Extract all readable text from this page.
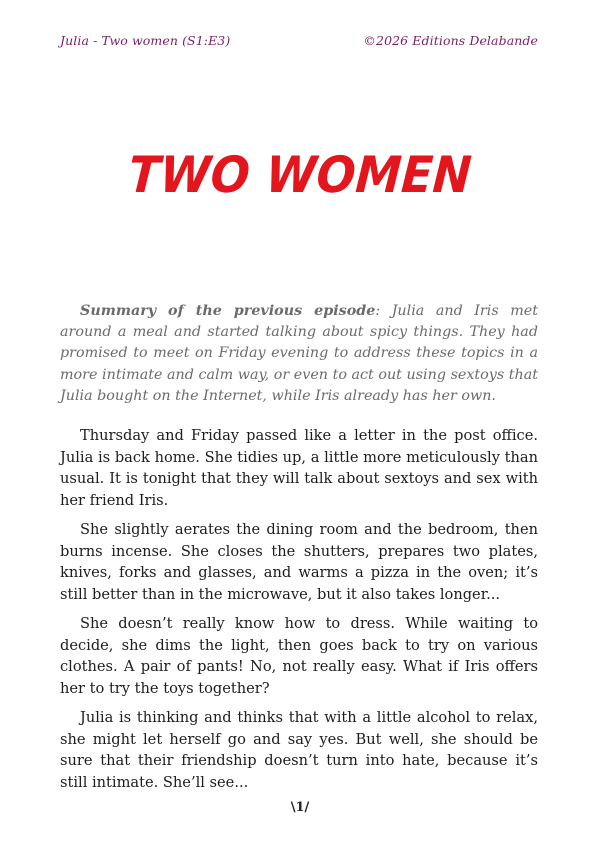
Julia - Two women (S1:E3)	©2026 Editions Delabande
TWO WOMEN

Summary of the previous episode: Julia and Iris met around a meal and started talking about spicy things. They had promised to meet on Friday evening to address these topics in a more intimate and calm way, or even to act out using sextoys that Julia bought on the Internet, while Iris already has her own.

Thursday and Friday passed like a letter in the post office. Julia is back home. She tidies up, a little more meticulously than usual. It is tonight that they will talk about sextoys and sex with her friend Iris.

She slightly aerates the dining room and the bedroom, then burns incense. She closes the shutters, prepares two plates, knives, forks and glasses, and warms a pizza in the oven; it’s still better than in the microwave, but it also takes longer...

She doesn’t really know how to dress. While waiting to decide, she dims the light, then goes back to try on various clothes. A pair of pants! No, not really easy. What if Iris offers her to try the toys together?

Julia is thinking and thinks that with a little alcohol to relax, she might let herself go and say yes. But well, she should be sure that their friendship doesn’t turn into hate, because it’s still intimate. She’ll see...

\1/
